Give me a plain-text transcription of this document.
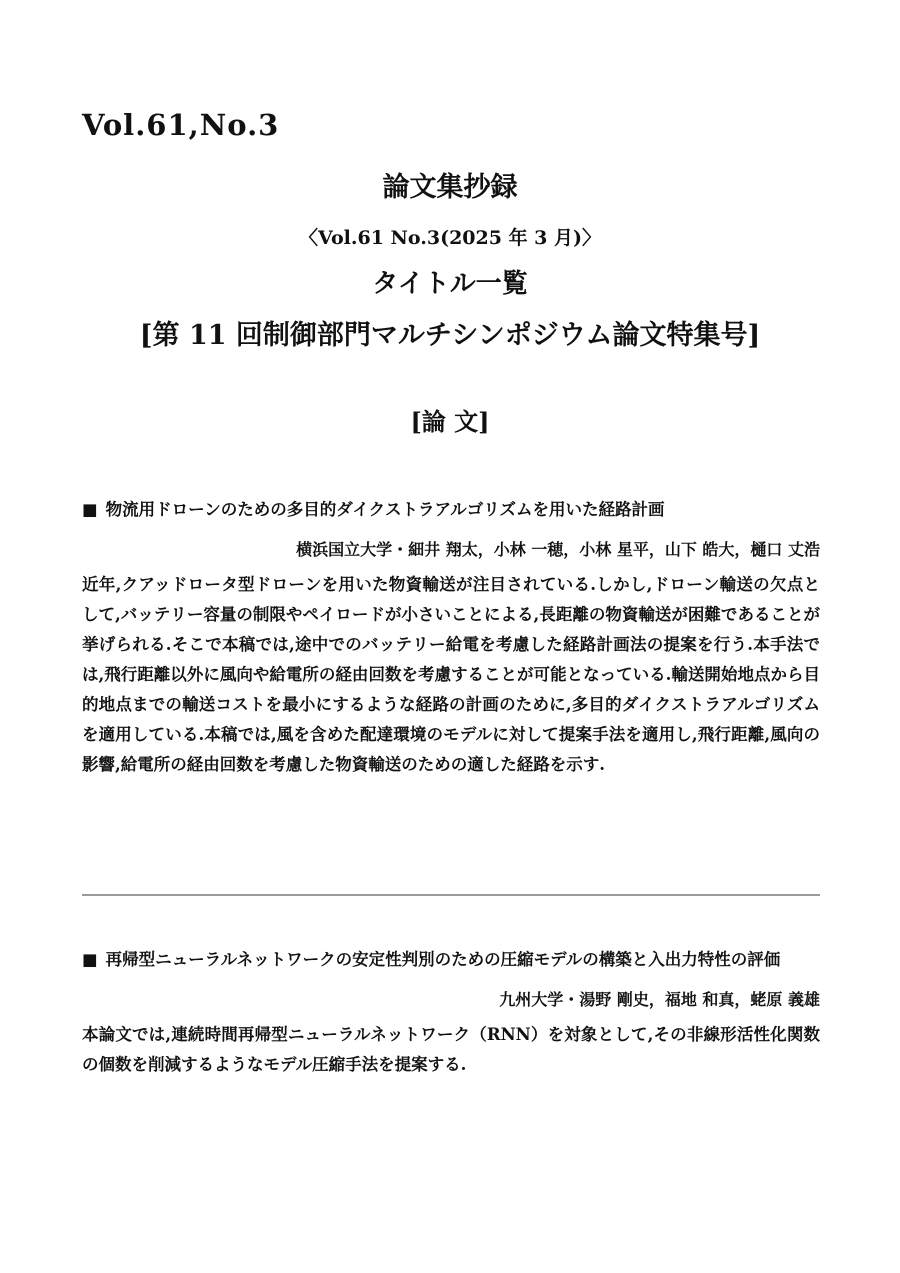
Vol.61,No.3
論文集抄録
〈Vol.61 No.3(2025 年 3 月)〉
タイトル一覧
[第 11 回制御部門マルチシンポジウム論文特集号]
[論 文]

■ 物流用ドローンのための多目的ダイクストラアルゴリズムを用いた経路計画

横浜国立大学・細井 翔太，小林 一穂，小林 星平，山下 皓大，樋口 丈浩

近年,クアッドロータ型ドローンを用いた物資輸送が注目されている.しかし,ドローン輸送の欠点として,バッテリー容量の制限やペイロードが小さいことによる,長距離の物資輸送が困難であることが挙げられる.そこで本稿では,途中でのバッテリー給電を考慮した経路計画法の提案を行う.本手法では,飛行距離以外に風向や給電所の経由回数を考慮することが可能となっている.輸送開始地点から目的地点までの輸送コストを最小にするような経路の計画のために,多目的ダイクストラアルゴリズムを適用している.本稿では,風を含めた配達環境のモデルに対して提案手法を適用し,飛行距離,風向の影響,給電所の経由回数を考慮した物資輸送のための適した経路を示す.

■ 再帰型ニューラルネットワークの安定性判別のための圧縮モデルの構築と入出力特性の評価

九州大学・湯野 剛史，福地 和真，蛯原 義雄

本論文では,連続時間再帰型ニューラルネットワーク（RNN）を対象として,その非線形活性化関数の個数を削減するようなモデル圧縮手法を提案する.
